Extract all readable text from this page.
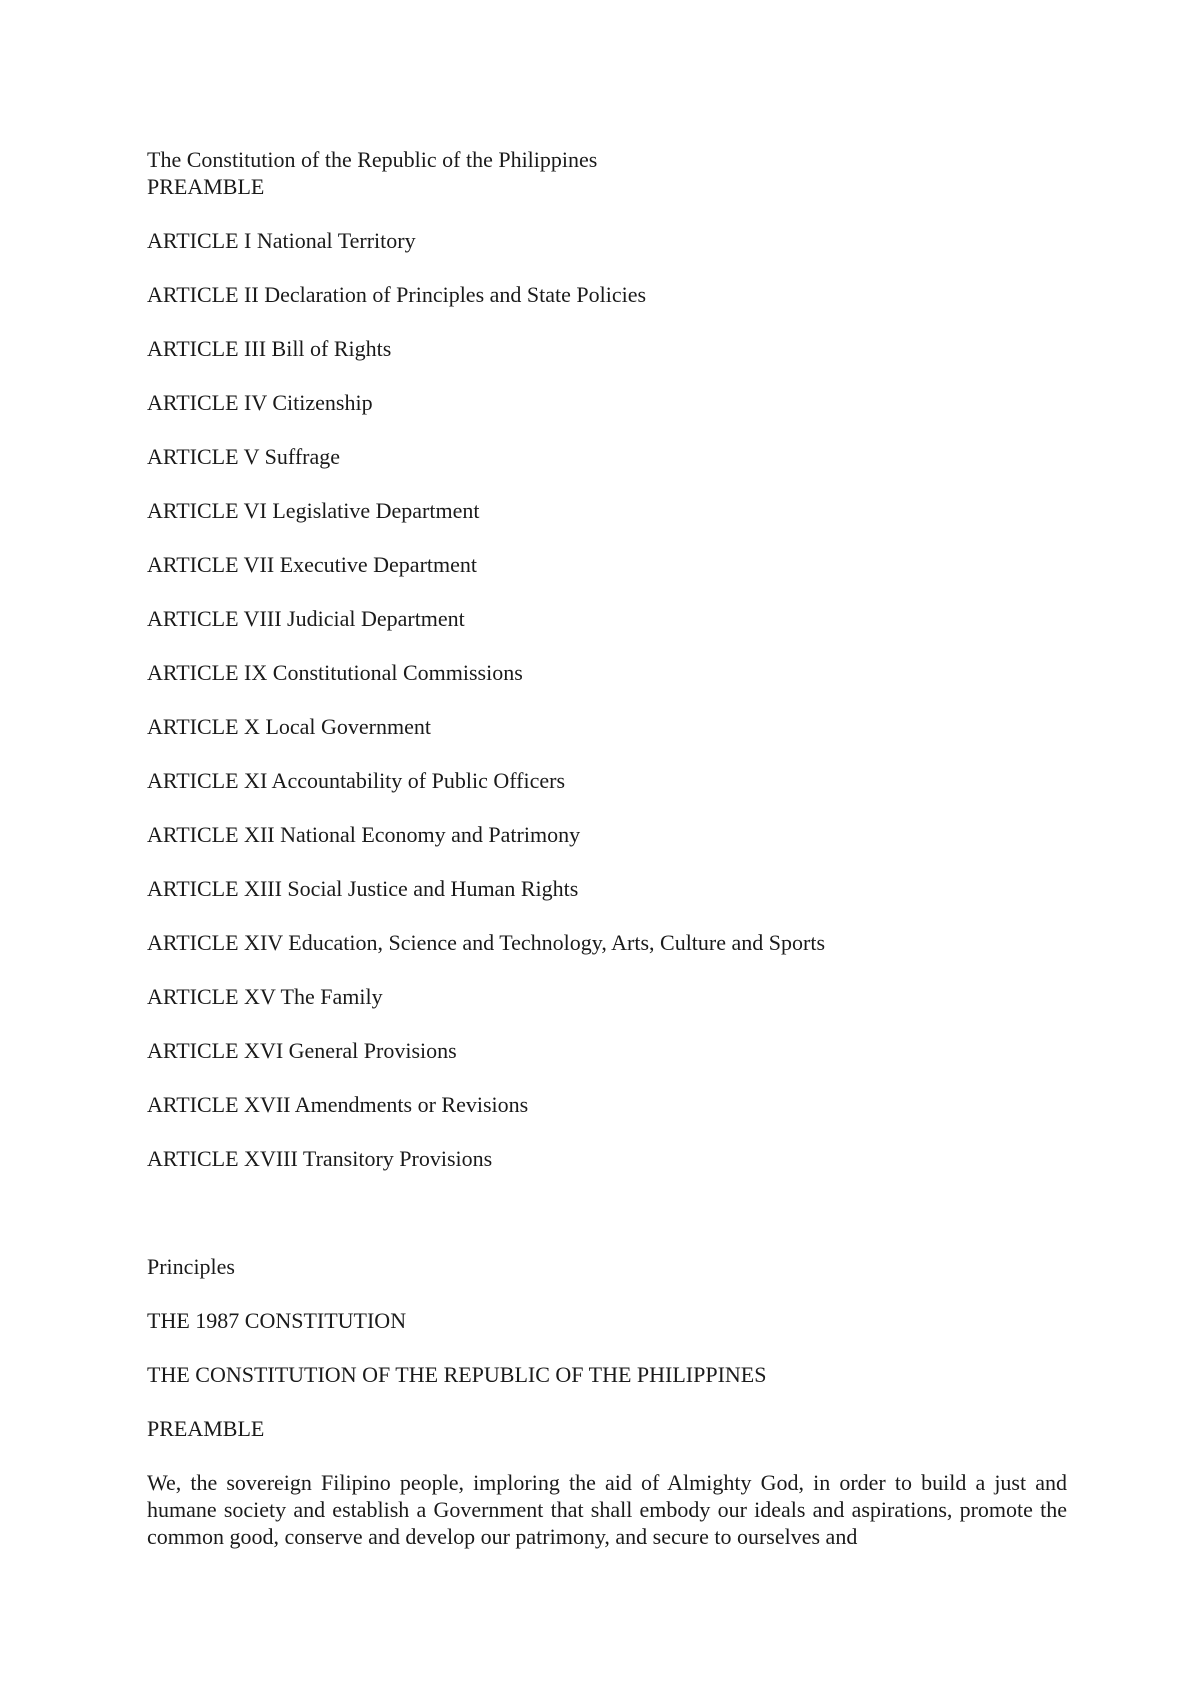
The Constitution of the Republic of the Philippines

PREAMBLE

ARTICLE I National Territory

ARTICLE II Declaration of Principles and State Policies

ARTICLE III Bill of Rights

ARTICLE IV Citizenship

ARTICLE V Suffrage

ARTICLE VI Legislative Department

ARTICLE VII Executive Department

ARTICLE VIII Judicial Department

ARTICLE IX Constitutional Commissions

ARTICLE X Local Government

ARTICLE XI Accountability of Public Officers

ARTICLE XII National Economy and Patrimony

ARTICLE XIII Social Justice and Human Rights

ARTICLE XIV Education, Science and Technology, Arts, Culture and Sports

ARTICLE XV The Family

ARTICLE XVI General Provisions

ARTICLE XVII Amendments or Revisions

ARTICLE XVIII Transitory Provisions

Principles

THE 1987 CONSTITUTION

THE CONSTITUTION OF THE REPUBLIC OF THE PHILIPPINES

PREAMBLE

We, the sovereign Filipino people, imploring the aid of Almighty God, in order to build a just and humane society and establish a Government that shall embody our ideals and aspirations, promote the common good, conserve and develop our patrimony, and secure to ourselves and
